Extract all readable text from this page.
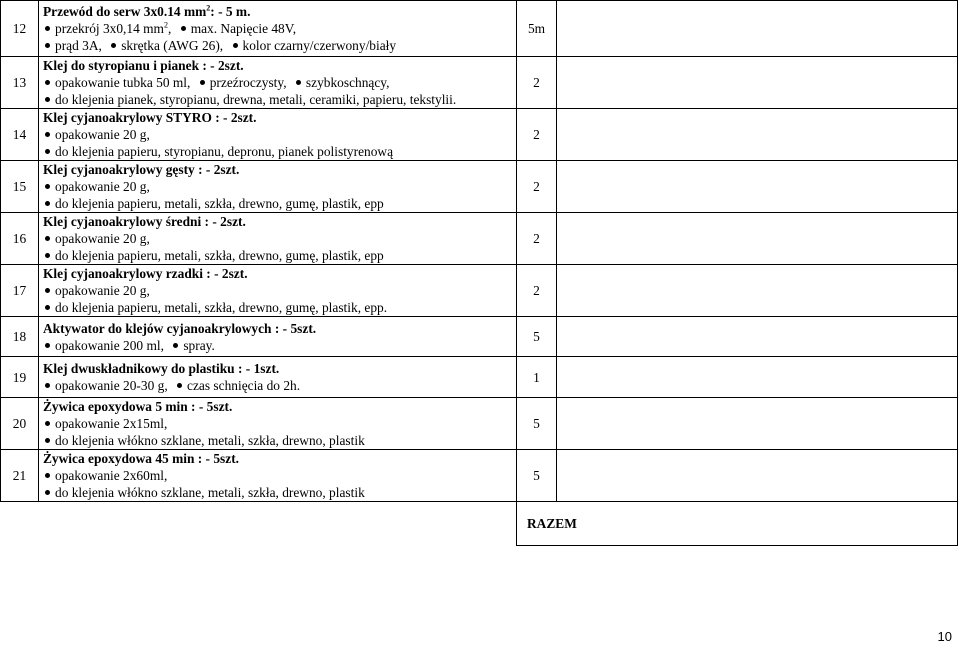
12	Przewód do serw 3x0.14 $mm^2$: - 5 m.
przekrój 3x0,14 $mm^2$, max. Napięcie 48V,
prąd 3A, skrętka (AWG 26), kolor czarny/czerwony/biały	5m	
13	Klej do styropianu i pianek : - 2szt.
opakowanie tubka 50 ml, przeźroczysty, szybkoschnący,
do klejenia pianek, styropianu, drewna, metali, ceramiki, papieru, tekstylii.	2	
14	Klej cyjanoakrylowy STYRO : - 2szt.
opakowanie 20 g,
do klejenia papieru, styropianu, depronu, pianek polistyrenową	2	
15	Klej cyjanoakrylowy gęsty : - 2szt.
opakowanie 20 g,
do klejenia papieru, metali, szkła, drewno, gumę, plastik, epp	2	
16	Klej cyjanoakrylowy średni : - 2szt.
opakowanie 20 g,
do klejenia papieru, metali, szkła, drewno, gumę, plastik, epp	2	
17	Klej cyjanoakrylowy rzadki : - 2szt.
opakowanie 20 g,
do klejenia papieru, metali, szkła, drewno, gumę, plastik, epp.	2	
18	Aktywator do klejów cyjanoakrylowych : - 5szt.
opakowanie 200 ml, spray.	5	
19	Klej dwuskładnikowy do plastiku : - 1szt.
opakowanie 20-30 g, czas schnięcia do 2h.	1	
20	Żywica epoxydowa 5 min : - 5szt.
opakowanie 2x15ml,
do klejenia włókno szklane, metali, szkła, drewno, plastik	5	
21	Żywica epoxydowa 45 min : - 5szt.
opakowanie 2x60ml,
do klejenia włókno szklane, metali, szkła, drewno, plastik	5	
		RAZEM	
10
